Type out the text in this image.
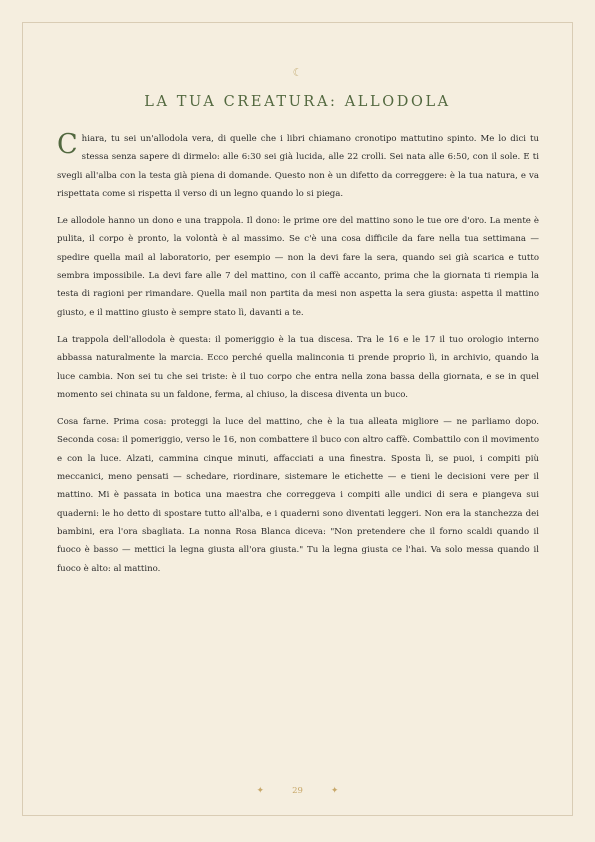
☾
LA TUA CREATURA: ALLODOLA

Chiara, tu sei un'allodola vera, di quelle che i libri chiamano cronotipo mattutino spinto. Me lo dici tu stessa senza sapere di dirmelo: alle 6:30 sei già lucida, alle 22 crolli. Sei nata alle 6:50, con il sole. E ti svegli all'alba con la testa già piena di domande. Questo non è un difetto da correggere: è la tua natura, e va rispettata come si rispetta il verso di un legno quando lo si piega.

Le allodole hanno un dono e una trappola. Il dono: le prime ore del mattino sono le tue ore d'oro. La mente è pulita, il corpo è pronto, la volontà è al massimo. Se c'è una cosa difficile da fare nella tua settimana — spedire quella mail al laboratorio, per esempio — non la devi fare la sera, quando sei già scarica e tutto sembra impossibile. La devi fare alle 7 del mattino, con il caffè accanto, prima che la giornata ti riempia la testa di ragioni per rimandare. Quella mail non partita da mesi non aspetta la sera giusta: aspetta il mattino giusto, e il mattino giusto è sempre stato lì, davanti a te.

La trappola dell'allodola è questa: il pomeriggio è la tua discesa. Tra le 16 e le 17 il tuo orologio interno abbassa naturalmente la marcia. Ecco perché quella malinconia ti prende proprio lì, in archivio, quando la luce cambia. Non sei tu che sei triste: è il tuo corpo che entra nella zona bassa della giornata, e se in quel momento sei chinata su un faldone, ferma, al chiuso, la discesa diventa un buco.

Cosa farne. Prima cosa: proteggi la luce del mattino, che è la tua alleata migliore — ne parliamo dopo. Seconda cosa: il pomeriggio, verso le 16, non combattere il buco con altro caffè. Combattilo con il movimento e con la luce. Alzati, cammina cinque minuti, affacciati a una finestra. Sposta lì, se puoi, i compiti più meccanici, meno pensati — schedare, riordinare, sistemare le etichette — e tieni le decisioni vere per il mattino. Mi è passata in botica una maestra che correggeva i compiti alle undici di sera e piangeva sui quaderni: le ho detto di spostare tutto all'alba, e i quaderni sono diventati leggeri. Non era la stanchezza dei bambini, era l'ora sbagliata. La nonna Rosa Blanca diceva: "Non pretendere che il forno scaldi quando il fuoco è basso — mettici la legna giusta all'ora giusta." Tu la legna giusta ce l'hai. Va solo messa quando il fuoco è alto: al mattino.

✦	29	✦
